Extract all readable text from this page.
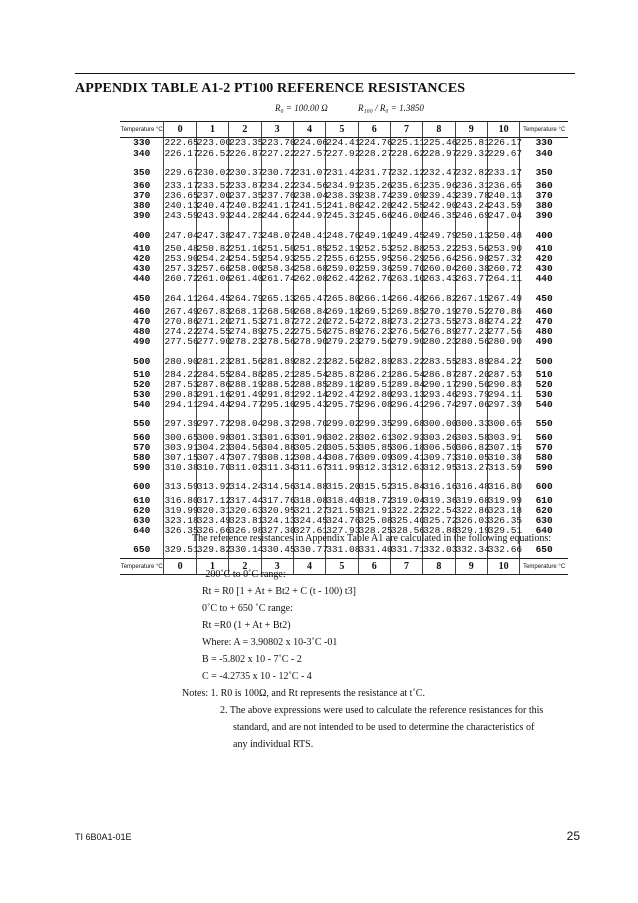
APPENDIX TABLE A1-2 PT100 REFERENCE RESISTANCES
R₀ = 100.00 Ω	R₁₀₀ / R₀ = 1.3850
Temperature °C	0	1	2	3	4	5	6	7	8	9	10	Temperature °C
330	222.65	223.00	223.35	223.70	224.06	224.41	224.76	225.11	225.46	225.81	226.17	330
340	226.17	226.52	226.87	227.22	227.57	227.92	228.27	228.62	228.97	229.32	229.67	340
350	229.67	230.02	230.37	230.72	231.07	231.42	231.77	232.12	232.47	232.82	233.17	350
360	233.17	233.52	233.87	234.22	234.56	234.91	235.26	235.61	235.96	236.31	236.65	360
370	236.65	237.00	237.35	237.70	238.04	238.39	238.74	239.09	239.43	239.78	240.13	370
380	240.13	240.47	240.82	241.17	241.51	241.86	242.20	242.55	242.90	243.24	243.59	380
390	243.59	243.93	244.28	244.62	244.97	245.31	245.66	246.00	246.35	246.69	247.04	390
400	247.04	247.38	247.73	248.07	248.41	248.76	249.10	249.45	249.79	250.13	250.48	400
410	250.48	250.82	251.16	251.50	251.85	252.19	252.53	252.88	253.22	253.56	253.90	410
420	253.90	254.24	254.59	254.93	255.27	255.61	255.95	256.29	256.64	256.98	257.32	420
430	257.32	257.66	258.00	258.34	258.68	259.02	259.36	259.70	260.04	260.38	260.72	430
440	260.72	261.06	261.40	261.74	262.08	262.42	262.76	263.10	263.43	263.77	264.11	440
450	264.11	264.45	264.79	265.13	265.47	265.80	266.14	266.48	266.82	267.15	267.49	450
460	267.49	267.83	268.17	268.50	268.84	269.18	269.51	269.85	270.19	270.52	270.86	460
470	270.86	271.20	271.53	271.87	272.20	272.54	272.88	273.21	273.55	273.88	274.22	470
480	274.22	274.55	274.89	275.22	275.56	275.89	276.23	276.56	276.89	277.23	277.56	480
490	277.56	277.90	278.23	278.56	278.90	279.23	279.56	279.90	280.23	280.56	280.90	490
500	280.90	281.23	281.56	281.89	282.23	282.56	282.89	283.22	283.55	283.89	284.22	500
510	284.22	284.55	284.88	285.21	285.54	285.87	286.21	286.54	286.87	287.20	287.53	510
520	287.53	287.86	288.19	288.52	288.85	289.18	289.51	289.84	290.17	290.50	290.83	520
530	290.83	291.16	291.49	291.81	292.14	292.47	292.80	293.13	293.46	293.79	294.11	530
540	294.11	294.44	294.77	295.10	295.43	295.75	296.08	296.41	296.74	297.06	297.39	540
550	297.39	297.72	298.04	298.37	298.70	299.02	299.35	299.68	300.00	300.33	300.65	550
560	300.65	300.98	301.31	301.63	301.96	302.28	302.61	302.93	303.26	303.58	303.91	560
570	303.91	304.23	304.56	304.88	305.20	305.53	305.85	306.18	306.50	306.82	307.15	570
580	307.15	307.47	307.79	308.12	308.44	308.76	309.09	309.41	309.73	310.05	310.38	580
590	310.38	310.70	311.02	311.34	311.67	311.99	312.31	312.63	312.95	313.27	313.59	590
600	313.59	313.92	314.24	314.56	314.88	315.20	315.52	315.84	316.16	316.48	316.80	600
610	316.80	317.12	317.44	317.76	318.08	318.40	318.72	319.04	319.36	319.68	319.99	610
620	319.99	320.31	320.63	320.95	321.27	321.59	321.91	322.22	322.54	322.86	323.18	620
630	323.18	323.49	323.81	324.13	324.45	324.76	325.08	325.40	325.72	326.03	326.35	630
640	326.35	326.66	326.98	327.30	327.61	327.93	328.25	328.56	328.88	329.19	329.51	640
650	329.51	329.82	330.14	330.45	330.77	331.08	331.40	331.71	332.03	332.34	332.66	650
Temperature °C	0	1	2	3	4	5	6	7	8	9	10	Temperature °C
The reference resistances in Appendix Table A1 are calculated in the following equations:
-200˚C to 0˚C range:
Rt = R0 [1 + At + Bt2 + C (t - 100) t3]
0˚C to + 650 ˚C range:
Rt =R0 (1 + At + Bt2)
Where: A = 3.90802 x 10-3˚C -01
B = -5.802 x 10 - 7˚C - 2
C = -4.2735 x 10 - 12˚C - 4
Notes: 1. R0 is 100Ω, and Rt represents the resistance at t˚C.
2. The above expressions were used to calculate the reference resistances for this
standard, and are not intended to be used to determine the characteristics of
any individual RTS.
TI 6B0A1-01E	25
